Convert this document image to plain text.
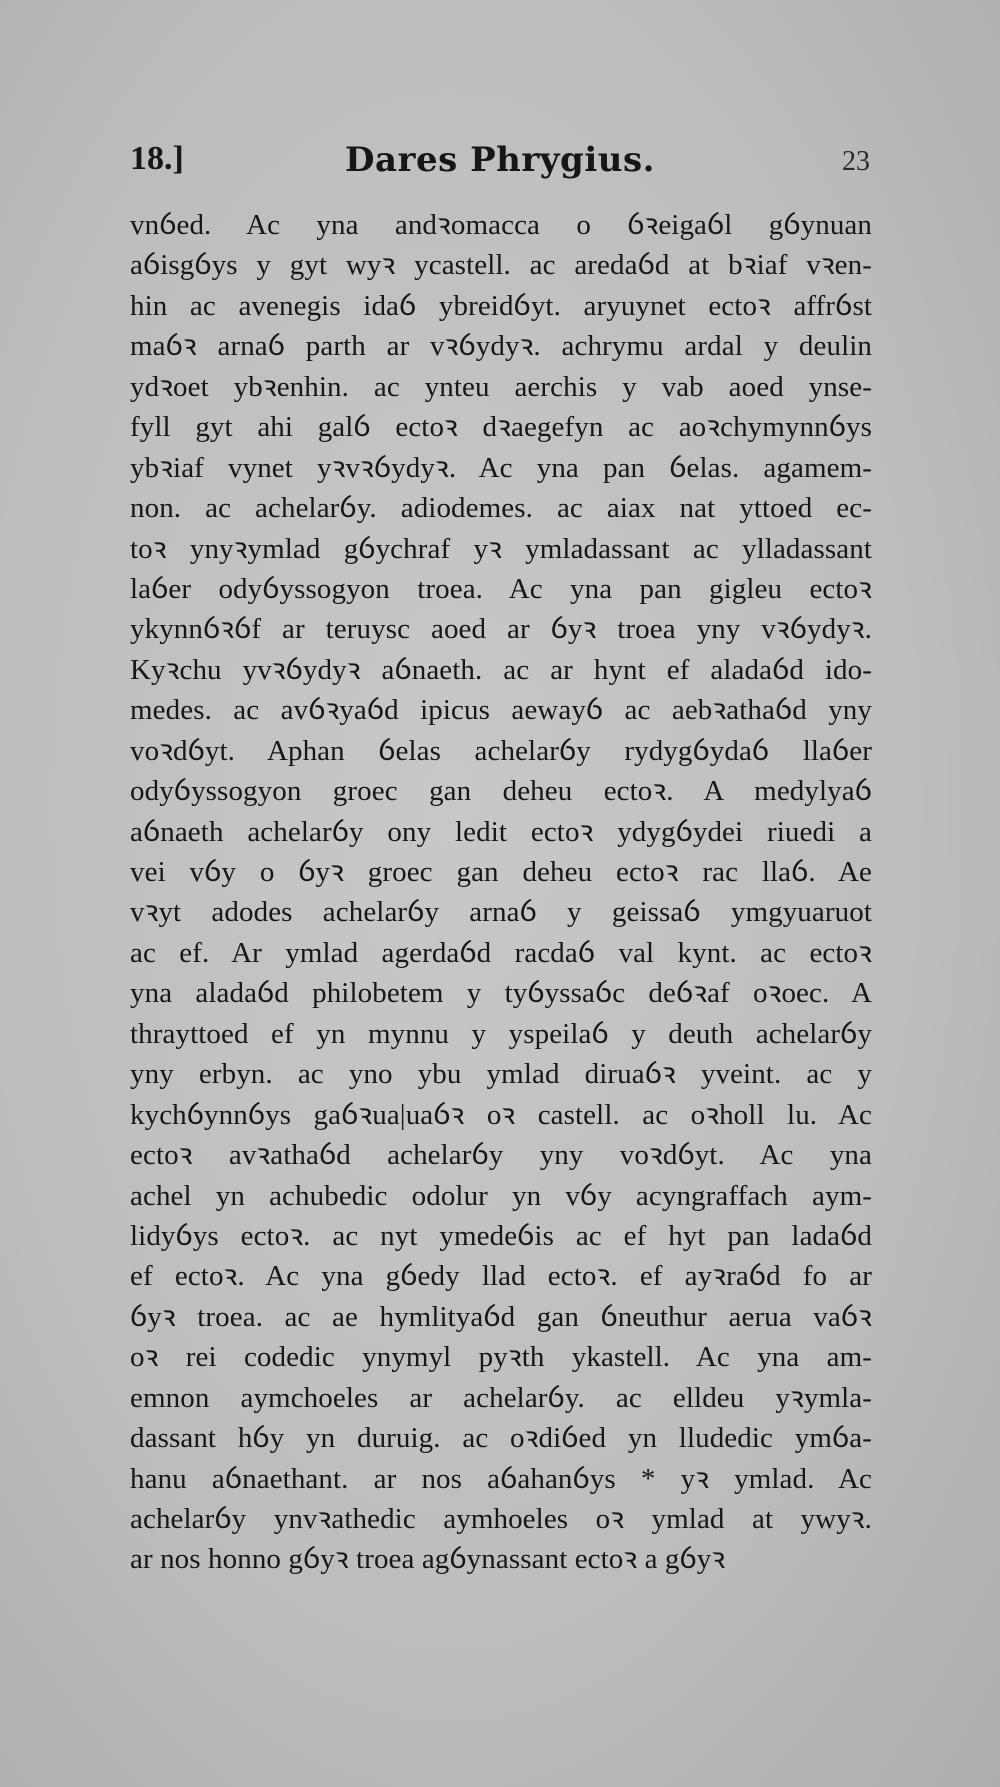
18.]	Dares Phrygius.	23
vnỽed. Ac yna andꝛomacca o ỽꝛeigaỽl gỽynuan
aỽisgỽys y gyt wyꝛ ycastell. ac aredaỽd at bꝛiaf vꝛen-
hin ac avenegis idaỽ ybreidỽyt. aryuynet ectoꝛ affrỽst
maỽꝛ arnaỽ parth ar vꝛỽydyꝛ. achrymu ardal y deulin
ydꝛoet ybꝛenhin. ac ynteu aerchis y vab aoed ynse-
fyll gyt ahi galỽ ectoꝛ dꝛaegefyn ac aoꝛchymynnỽys
ybꝛiaf vynet yꝛvꝛỽydyꝛ. Ac yna pan ỽelas. agamem-
non. ac achelarỽy. adiodemes. ac aiax nat yttoed ec-
toꝛ ynyꝛymlad gỽychraf yꝛ ymladassant ac ylladassant
laỽer odyỽyssogyon troea. Ac yna pan gigleu ectoꝛ
ykynnỽꝛỽf ar teruysc aoed ar ỽyꝛ troea yny vꝛỽydyꝛ.
Kyꝛchu yvꝛỽydyꝛ aỽnaeth. ac ar hynt ef aladaỽd ido-
medes. ac avỽꝛyaỽd ipicus aewayỽ ac aebꝛathaỽd yny
voꝛdỽyt. Aphan ỽelas achelarỽy rydygỽydaỽ llaỽer
odyỽyssogyon groec gan deheu ectoꝛ. A medylyaỽ
aỽnaeth achelarỽy ony ledit ectoꝛ ydygỽydei riuedi a
vei vỽy o ỽyꝛ groec gan deheu ectoꝛ rac llaỽ. Ae
vꝛyt adodes achelarỽy arnaỽ y geissaỽ ymgyuaruot
ac ef. Ar ymlad agerdaỽd racdaỽ val kynt. ac ectoꝛ
yna aladaỽd philobetem y tyỽyssaỽc deỽꝛaf oꝛoec. A
thrayttoed ef yn mynnu y yspeilaỽ y deuth achelarỽy
yny erbyn. ac yno ybu ymlad diruaỽꝛ yveint. ac y
kychỽynnỽys gaỽꝛua|uaỽꝛ oꝛ castell. ac oꝛholl lu. Ac
ectoꝛ avꝛathaỽd achelarỽy yny voꝛdỽyt. Ac yna
achel yn achubedic odolur yn vỽy acyngraffach aym-
lidyỽys ectoꝛ. ac nyt ymedeỽis ac ef hyt pan ladaỽd
ef ectoꝛ. Ac yna gỽedy llad ectoꝛ. ef ayꝛraỽd fo ar
ỽyꝛ troea. ac ae hymlityaỽd gan ỽneuthur aerua vaỽꝛ
oꝛ rei codedic ynymyl pyꝛth ykastell. Ac yna am-
emnon aymchoeles ar achelarỽy. ac elldeu yꝛymla-
dassant hỽy yn duruig. ac oꝛdiỽed yn lludedic ymỽa-
hanu aỽnaethant. ar nos aỽahanỽys * yꝛ ymlad. Ac
achelarỽy ynvꝛathedic aymhoeles oꝛ ymlad at ywyꝛ.
ar nos honno gỽyꝛ troea agỽynassant ectoꝛ a gỽyꝛ
